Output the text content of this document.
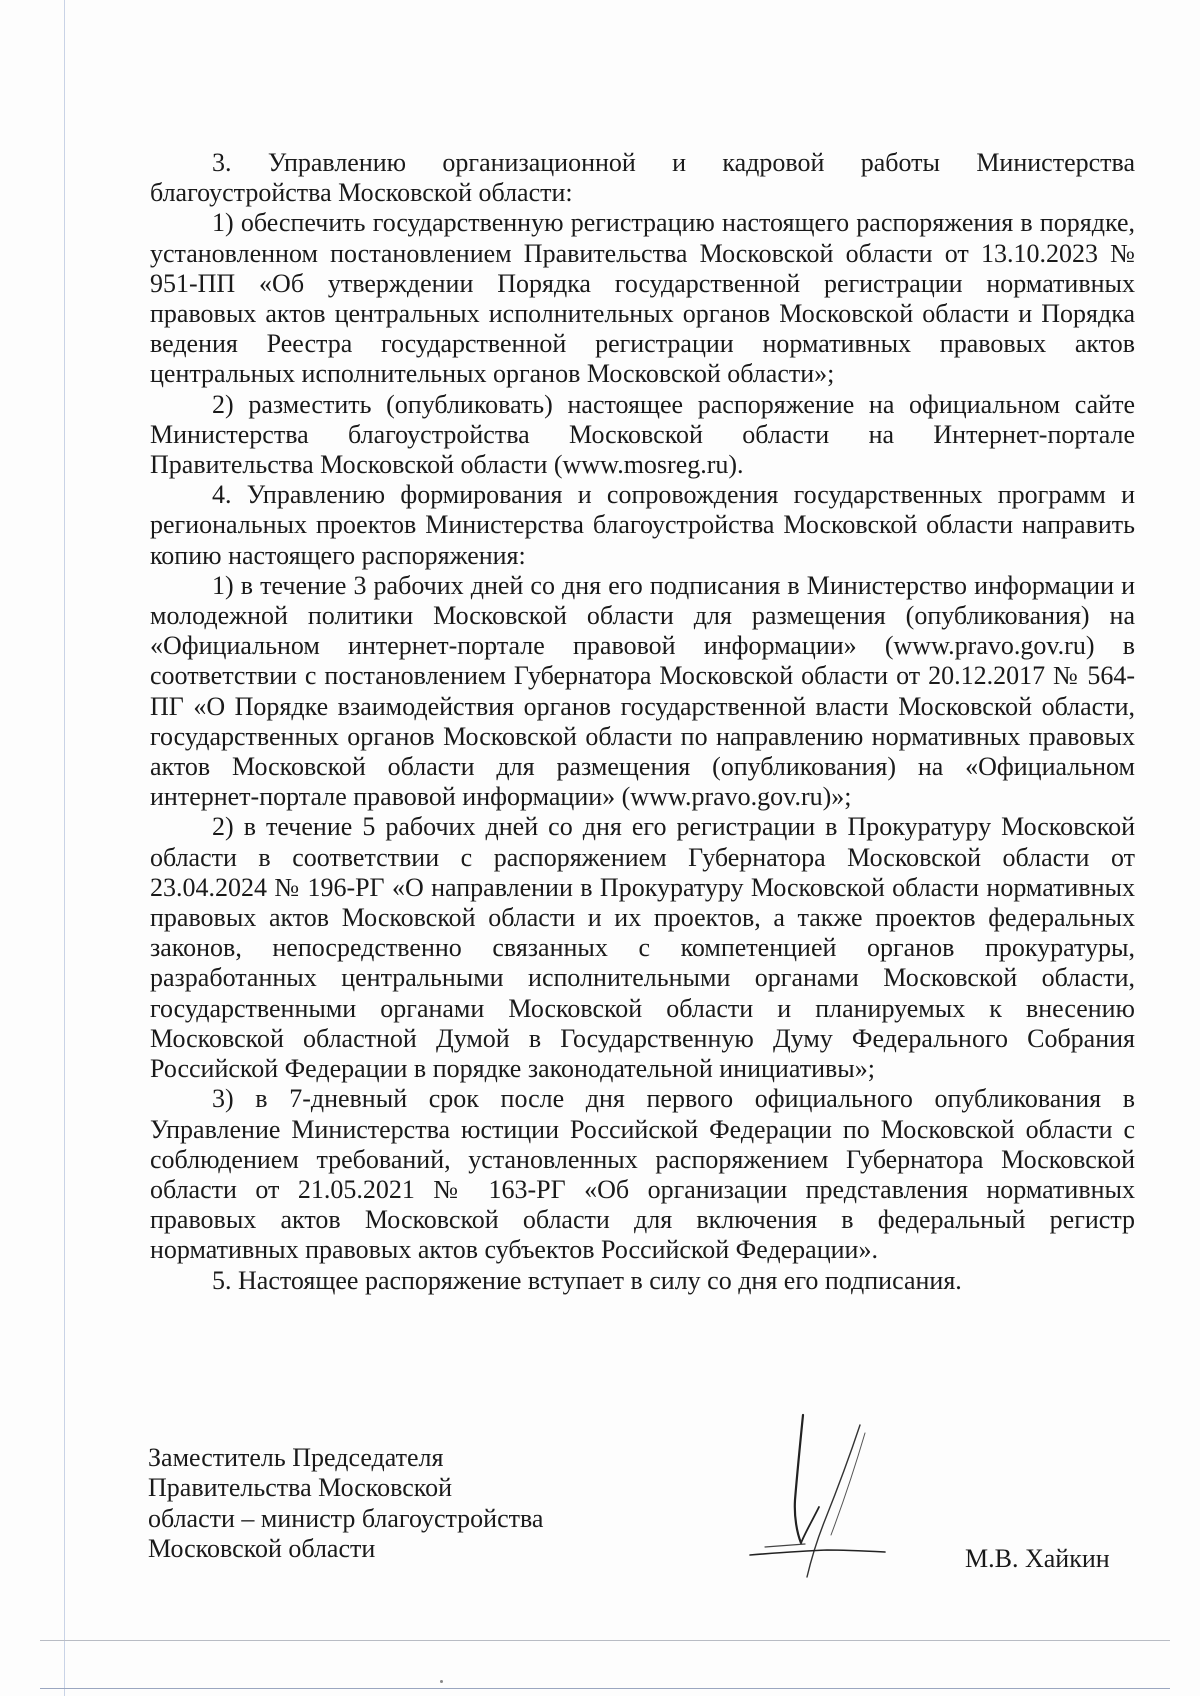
3. Управлению организационной и кадровой работы Министерства благоустройства Московской области:

1) обеспечить государственную регистрацию настоящего распоряжения в порядке, установленном постановлением Правительства Московской области от 13.10.2023 № 951-ПП «Об утверждении Порядка государственной регистрации нормативных правовых актов центральных исполнительных органов Московской области и Порядка ведения Реестра государственной регистрации нормативных правовых актов центральных исполнительных органов Московской области»;

2) разместить (опубликовать) настоящее распоряжение на официальном сайте Министерства благоустройства Московской области на Интернет-портале Правительства Московской области (www.mosreg.ru).

4. Управлению формирования и сопровождения государственных программ и региональных проектов Министерства благоустройства Московской области направить копию настоящего распоряжения:

1) в течение 3 рабочих дней со дня его подписания в Министерство информации и молодежной политики Московской области для размещения (опубликования) на «Официальном интернет-портале правовой информации» (www.pravo.gov.ru) в соответствии с постановлением Губернатора Московской области от 20.12.2017 № 564-ПГ «О Порядке взаимодействия органов государственной власти Московской области, государственных органов Московской области по направлению нормативных правовых актов Московской области для размещения (опубликования) на «Официальном интернет-портале правовой информации» (www.pravo.gov.ru)»;

2) в течение 5 рабочих дней со дня его регистрации в Прокуратуру Московской области в соответствии с распоряжением Губернатора Московской области от 23.04.2024 № 196-РГ «О направлении в Прокуратуру Московской области нормативных правовых актов Московской области и их проектов, а также проектов федеральных законов, непосредственно связанных с компетенцией органов прокуратуры, разработанных центральными исполнительными органами Московской области, государственными органами Московской области и планируемых к внесению Московской областной Думой в Государственную Думу Федерального Собрания Российской Федерации в порядке законодательной инициативы»;

3) в 7-дневный срок после дня первого официального опубликования в Управление Министерства юстиции Российской Федерации по Московской области с соблюдением требований, установленных распоряжением Губернатора Московской области от 21.05.2021 № 163-РГ «Об организации представления нормативных правовых актов Московской области для включения в федеральный регистр нормативных правовых актов субъектов Российской Федерации».

5. Настоящее распоряжение вступает в силу со дня его подписания.

Заместитель Председателя
Правительства Московской
области – министр благоустройства
Московской области	М.В. Хайкин
